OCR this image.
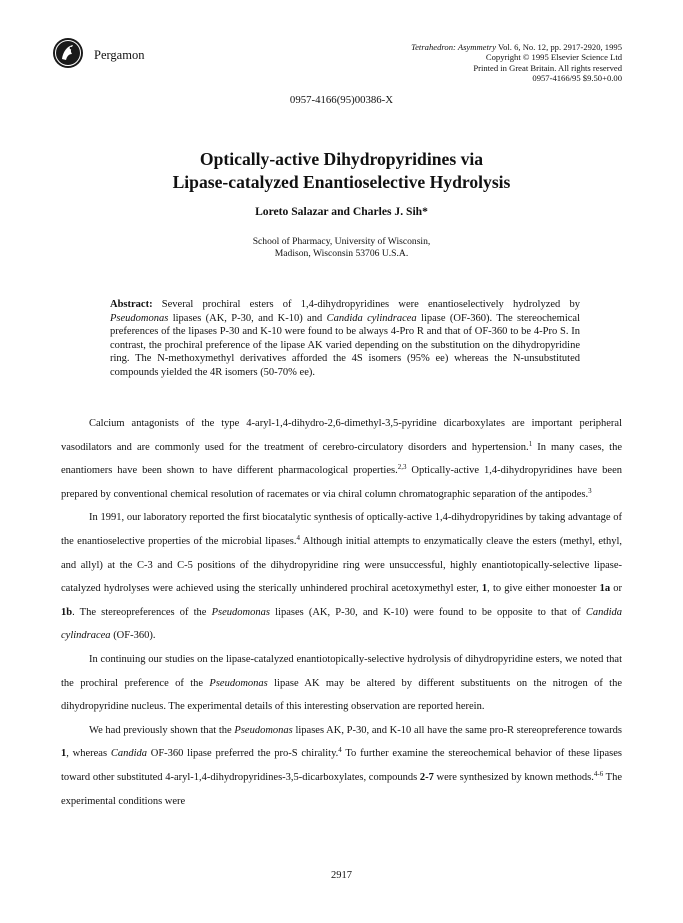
Pergamon
Tetrahedron: Asymmetry Vol. 6, No. 12, pp. 2917-2920, 1995
Copyright © 1995 Elsevier Science Ltd
Printed in Great Britain. All rights reserved
0957-4166/95 $9.50+0.00
0957-4166(95)00386-X
Optically-active Dihydropyridines via
Lipase-catalyzed Enantioselective Hydrolysis
Loreto Salazar and Charles J. Sih*
School of Pharmacy, University of Wisconsin,
Madison, Wisconsin 53706 U.S.A.
Abstract: Several prochiral esters of 1,4-dihydropyridines were enantioselectively hydrolyzed by Pseudomonas lipases (AK, P-30, and K-10) and Candida cylindracea lipase (OF-360). The stereochemical preferences of the lipases P-30 and K-10 were found to be always 4-Pro R and that of OF-360 to be 4-Pro S. In contrast, the prochiral preference of the lipase AK varied depending on the substitution on the dihydropyridine ring. The N-methoxymethyl derivatives afforded the 4S isomers (95% ee) whereas the N-unsubstituted compounds yielded the 4R isomers (50-70% ee).

Calcium antagonists of the type 4-aryl-1,4-dihydro-2,6-dimethyl-3,5-pyridine dicarboxylates are important peripheral vasodilators and are commonly used for the treatment of cerebro-circulatory disorders and hypertension.$^1$ In many cases, the enantiomers have been shown to have different pharmacological properties.$^{2,3}$ Optically-active 1,4-dihydropyridines have been prepared by conventional chemical resolution of racemates or via chiral column chromatographic separation of the antipodes.$^3$

In 1991, our laboratory reported the first biocatalytic synthesis of optically-active 1,4-dihydropyridines by taking advantage of the enantioselective properties of the microbial lipases.$^4$ Although initial attempts to enzymatically cleave the esters (methyl, ethyl, and allyl) at the C-3 and C-5 positions of the dihydropyridine ring were unsuccessful, highly enantiotopically-selective lipase-catalyzed hydrolyses were achieved using the sterically unhindered prochiral acetoxymethyl ester, 1, to give either monoester 1a or 1b. The stereopreferences of the Pseudomonas lipases (AK, P-30, and K-10) were found to be opposite to that of Candida cylindracea (OF-360).

In continuing our studies on the lipase-catalyzed enantiotopically-selective hydrolysis of dihydropyridine esters, we noted that the prochiral preference of the Pseudomonas lipase AK may be altered by different substituents on the nitrogen of the dihydropyridine nucleus. The experimental details of this interesting observation are reported herein.

We had previously shown that the Pseudomonas lipases AK, P-30, and K-10 all have the same pro-R stereopreference towards 1, whereas Candida OF-360 lipase preferred the pro-S chirality.$^4$ To further examine the stereochemical behavior of these lipases toward other substituted 4-aryl-1,4-dihydropyridines-3,5-dicarboxylates, compounds 2-7 were synthesized by known methods.$^{4-6}$ The experimental conditions were

2917
